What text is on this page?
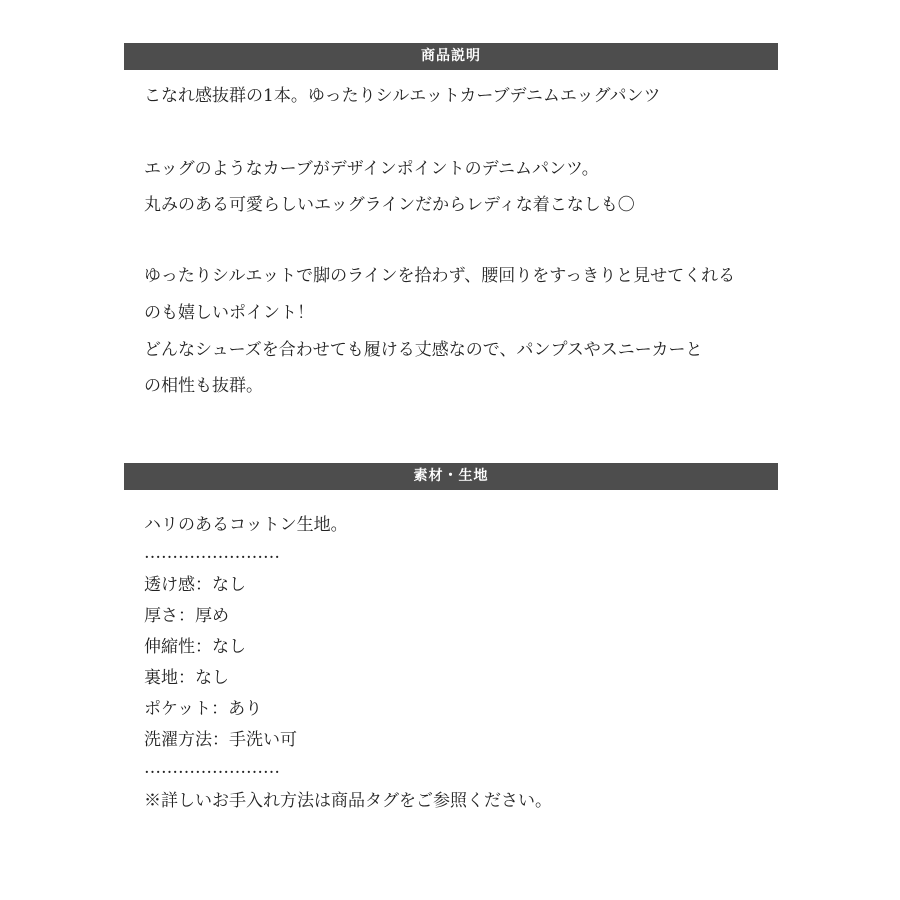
商品説明
こなれ感抜群の1本。ゆったりシルエットカーブデニムエッグパンツ
エッグのようなカーブがデザインポイントのデニムパンツ。
丸みのある可愛らしいエッグラインだからレディな着こなしも〇
ゆったりシルエットで脚のラインを拾わず、腰回りをすっきりと見せてくれる
のも嬉しいポイント！
どんなシューズを合わせても履ける丈感なので、パンプスやスニーカーと
の相性も抜群。
素材・生地
ハリのあるコットン生地。
……………………
透け感：なし
厚さ：厚め
伸縮性：なし
裏地：なし
ポケット：あり
洗濯方法：手洗い可
……………………
※詳しいお手入れ方法は商品タグをご参照ください。
